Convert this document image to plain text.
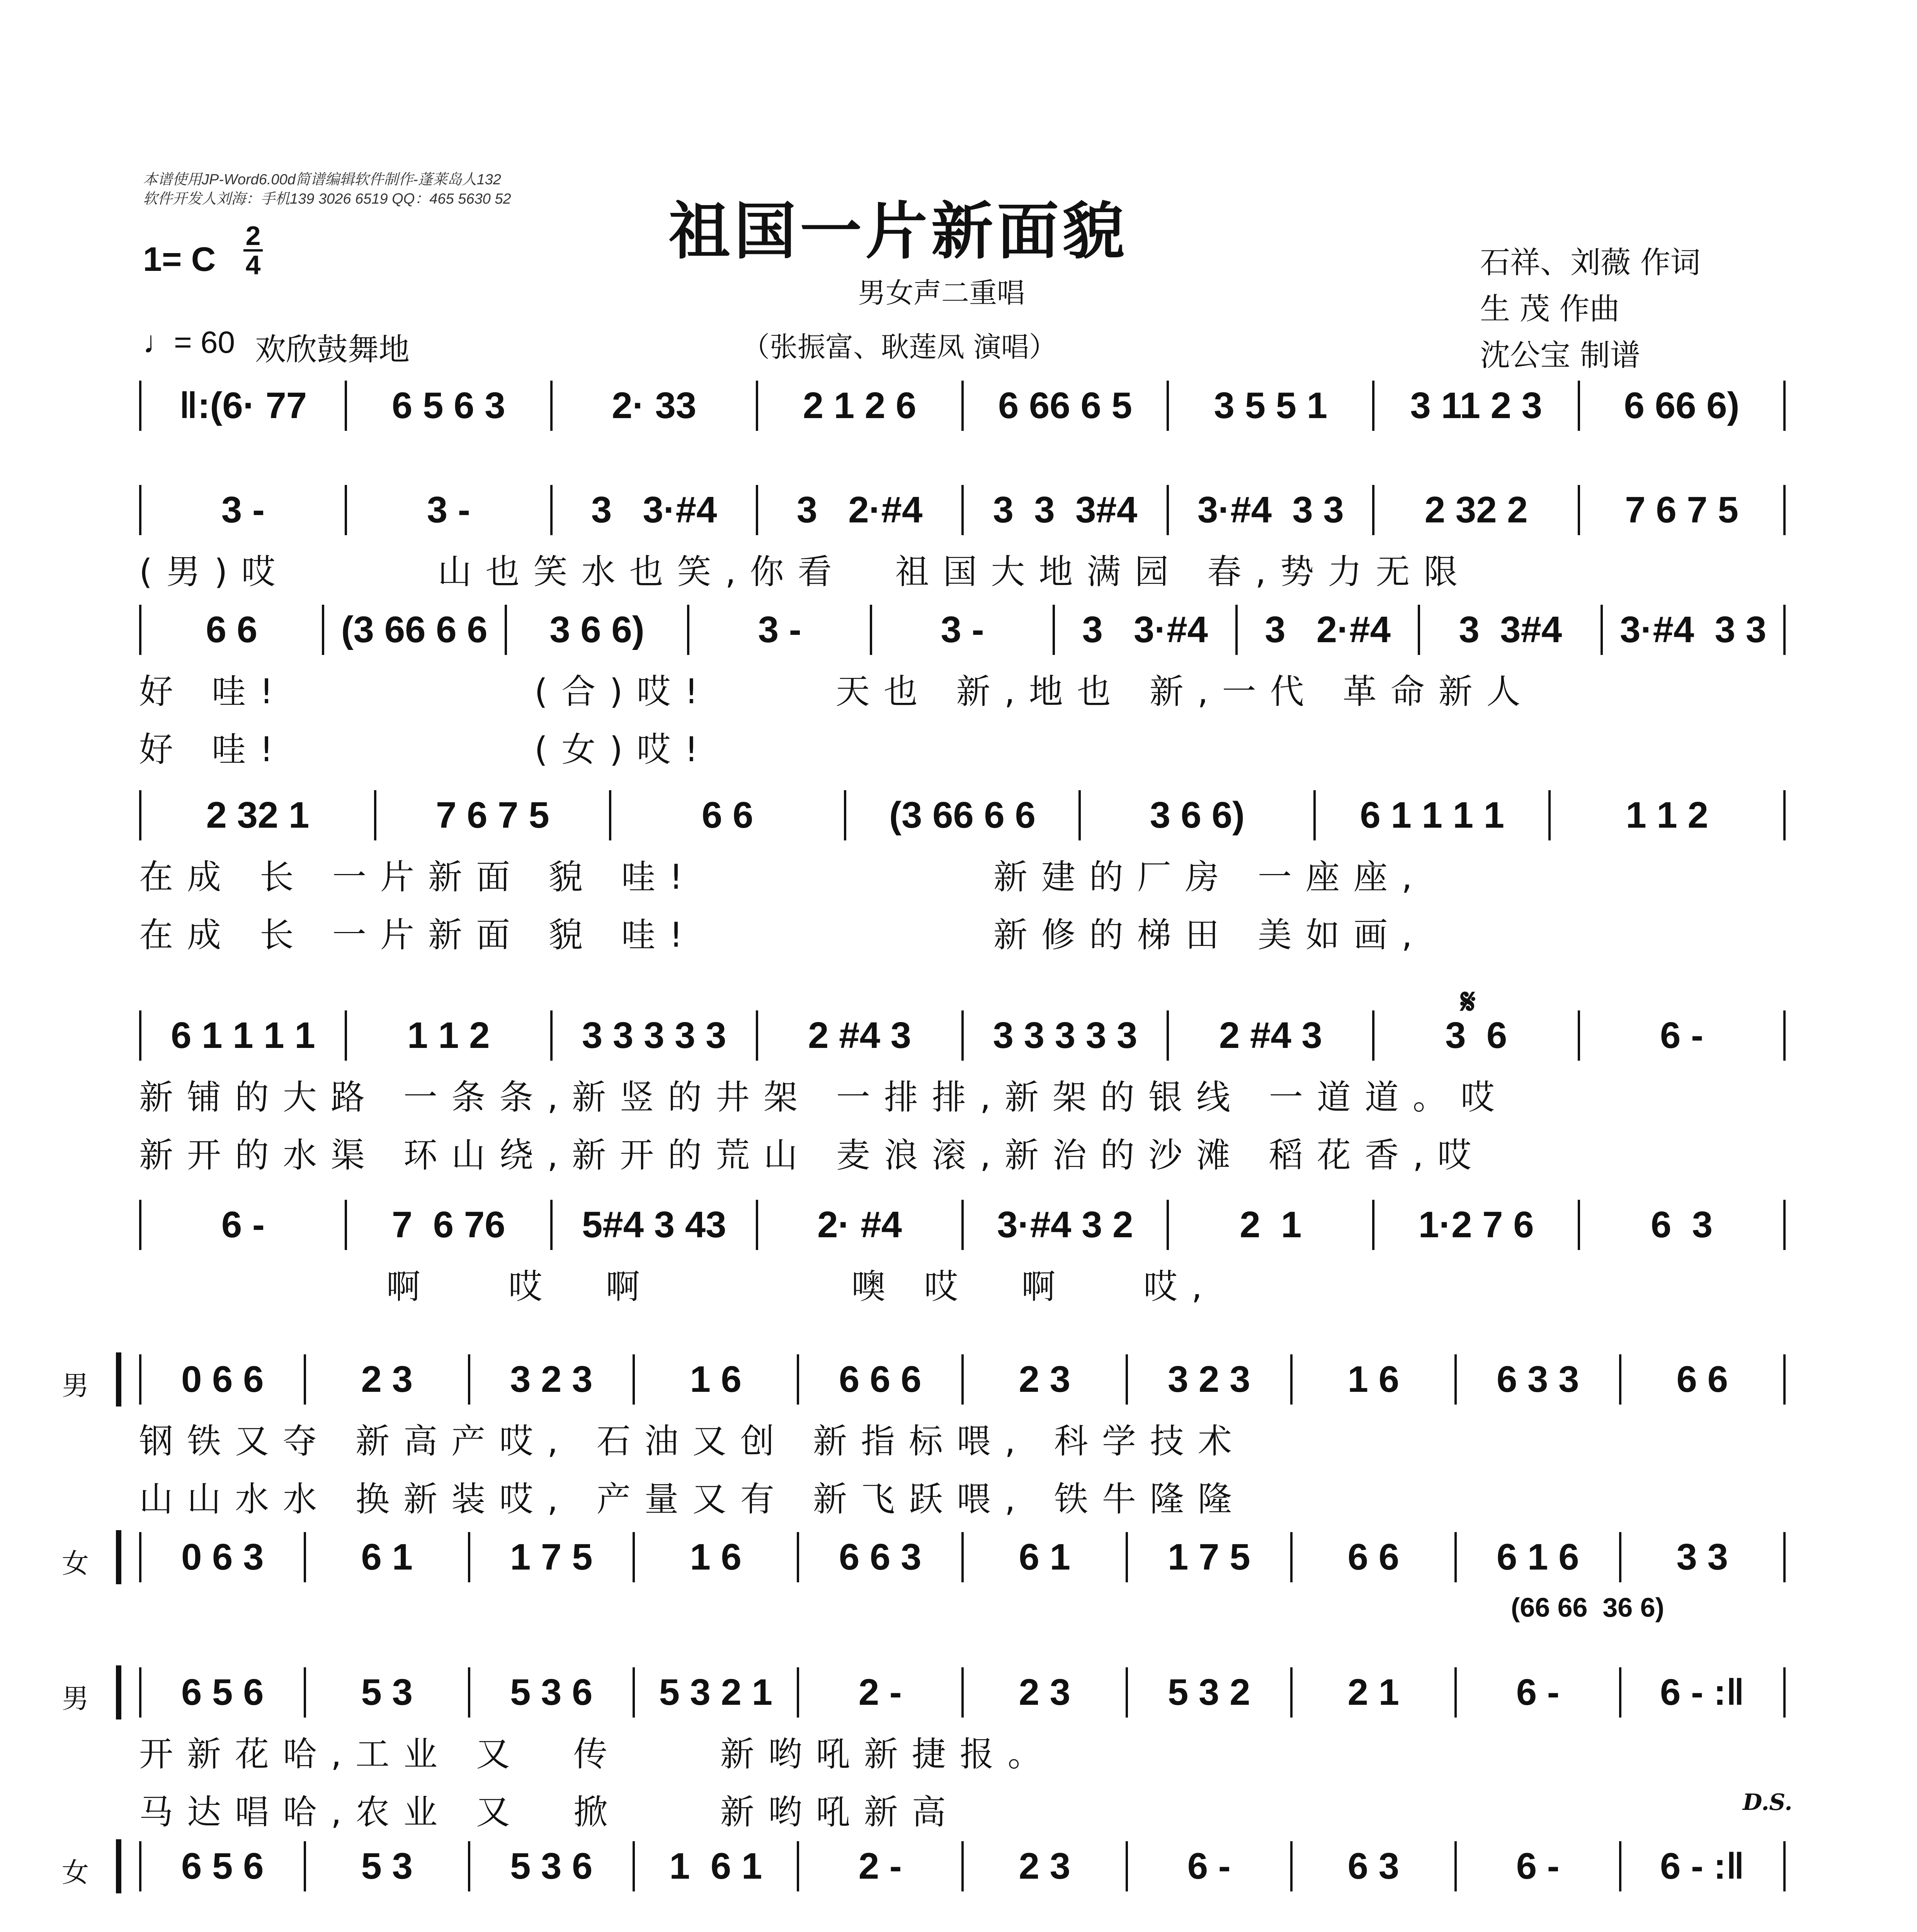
本谱使用JP-Word6.00d简谱编辑软件制作-蓬莱岛人132
软件开发人刘海：手机139 3026 6519 QQ：465 5630 52	祖国一片新面貌
男女声二重唱
（张振富、耿莲凤 演唱）
石祥、刘薇 作词
生 茂 作曲
沈公宝 制谱
1= C
2
4
♩= 60 欢欣鼓舞地
‖:(6· 77	6 5 6 3	2· 33	2 1 2 6	6 66 6 5	3 5 5 1	3 11 2 3	6 66 6)
3 -	3 -	3   3·#4	3   2·#4	3  3  3#4	3·#4  3 3	2 32 2	7 6 7 5
(男)哎      山也笑水也笑,你看  祖国大地满园 春,势力无限
6 6	(3 66 6 6	3 6 6)	3 -	3 -	3   3·#4	3   2·#4	3  3#4	3·#4  3 3
好 哇!          (合)哎!     天也 新,地也 新,一代 革命新人
好 哇!          (女)哎!
2 32 1	7 6 7 5	6 6	(3 66 6 6	3 6 6)	6 1 1 1 1	1 1 2
在成 长 一片新面 貌 哇!            新建的厂房 一座座,
在成 长 一片新面 貌 哇!            新修的梯田 美如画,
6 1 1 1 1	1 1 2	3 3 3 3 3	2 #4 3	3 3 3 3 3	2 #4 3	3  6	6 -
新铺的大路 一条条,新竖的井架 一排排,新架的银线 一道道。哎
新开的水渠 环山绕,新开的荒山 麦浪滚,新治的沙滩 稻花香,哎
6 -	7  6 76	5#4 3 43	2· #4	3·#4 3 2	2  1	1·2 7 6	6  3
啊   哎  啊        噢 哎  啊   哎,
0 6 6	2 3	3 2 3	1 6	6 6 6	2 3	3 2 3	1 6	6 3 3	6 6
男
钢铁又夺 新高产哎, 石油又创 新指标喂, 科学技术
山山水水 换新装哎, 产量又有 新飞跃喂, 铁牛隆隆
0 6 3	6 1	1 7 5	1 6	6 6 3	6 1	1 7 5	6 6	6 1 6	3 3
女
(66 66  36 6)
6 5 6	5 3	5 3 6	5 3 2 1	2 -	2 3	5 3 2	2 1	6 -	6 - :‖
男
开新花哈,工业 又  传    新哟吼新捷报。
马达唱哈,农业 又  掀    新哟吼新高
6 5 6	5 3	5 3 6	1  6 1	2 -	2 3	6 -	6 3	6 -	6 - :‖
女
𝄋
D.S.
